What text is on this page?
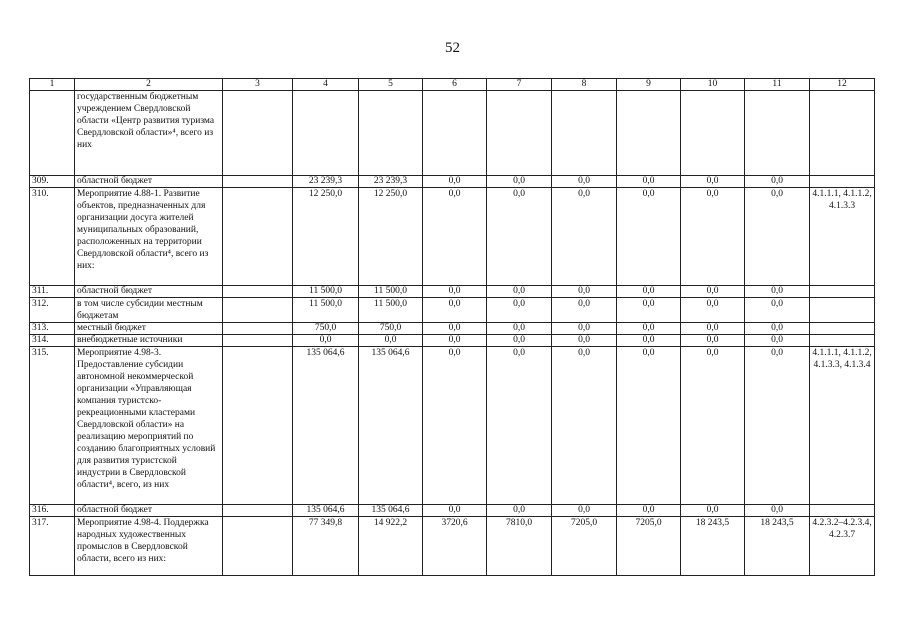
52
1	2	3	4	5	6	7	8	9	10	11	12
	государственным бюджетным учреждением Свердловской области «Центр развития туризма Свердловской области»⁴, всего из них										
309.	областной бюджет		23 239,3	23 239,3	0,0	0,0	0,0	0,0	0,0	0,0	
310.	Мероприятие 4.88-1. Развитие объектов, предназначенных для организации досуга жителей муниципальных образований, расположенных на территории Свердловской области⁴, всего из них:		12 250,0	12 250,0	0,0	0,0	0,0	0,0	0,0	0,0	4.1.1.1, 4.1.1.2, 4.1.3.3
311.	областной бюджет		11 500,0	11 500,0	0,0	0,0	0,0	0,0	0,0	0,0	
312.	в том числе субсидии местным бюджетам		11 500,0	11 500,0	0,0	0,0	0,0	0,0	0,0	0,0	
313.	местный бюджет		750,0	750,0	0,0	0,0	0,0	0,0	0,0	0,0	
314.	внебюджетные источники		0,0	0,0	0,0	0,0	0,0	0,0	0,0	0,0	
315.	Мероприятие 4.98-3. Предоставление субсидии автономной некоммерческой организации «Управляющая компания туристско-рекреационными кластерами Свердловской области» на реализацию мероприятий по созданию благоприятных условий для развития туристской индустрии в Свердловской области⁴, всего, из них		135 064,6	135 064,6	0,0	0,0	0,0	0,0	0,0	0,0	4.1.1.1, 4.1.1.2, 4.1.3.3, 4.1.3.4
316.	областной бюджет		135 064,6	135 064,6	0,0	0,0	0,0	0,0	0,0	0,0	
317.	Мероприятие 4.98-4. Поддержка народных художественных промыслов в Свердловской области, всего из них:		77 349,8	14 922,2	3720,6	7810,0	7205,0	7205,0	18 243,5	18 243,5	4.2.3.2–4.2.3.4, 4.2.3.7
